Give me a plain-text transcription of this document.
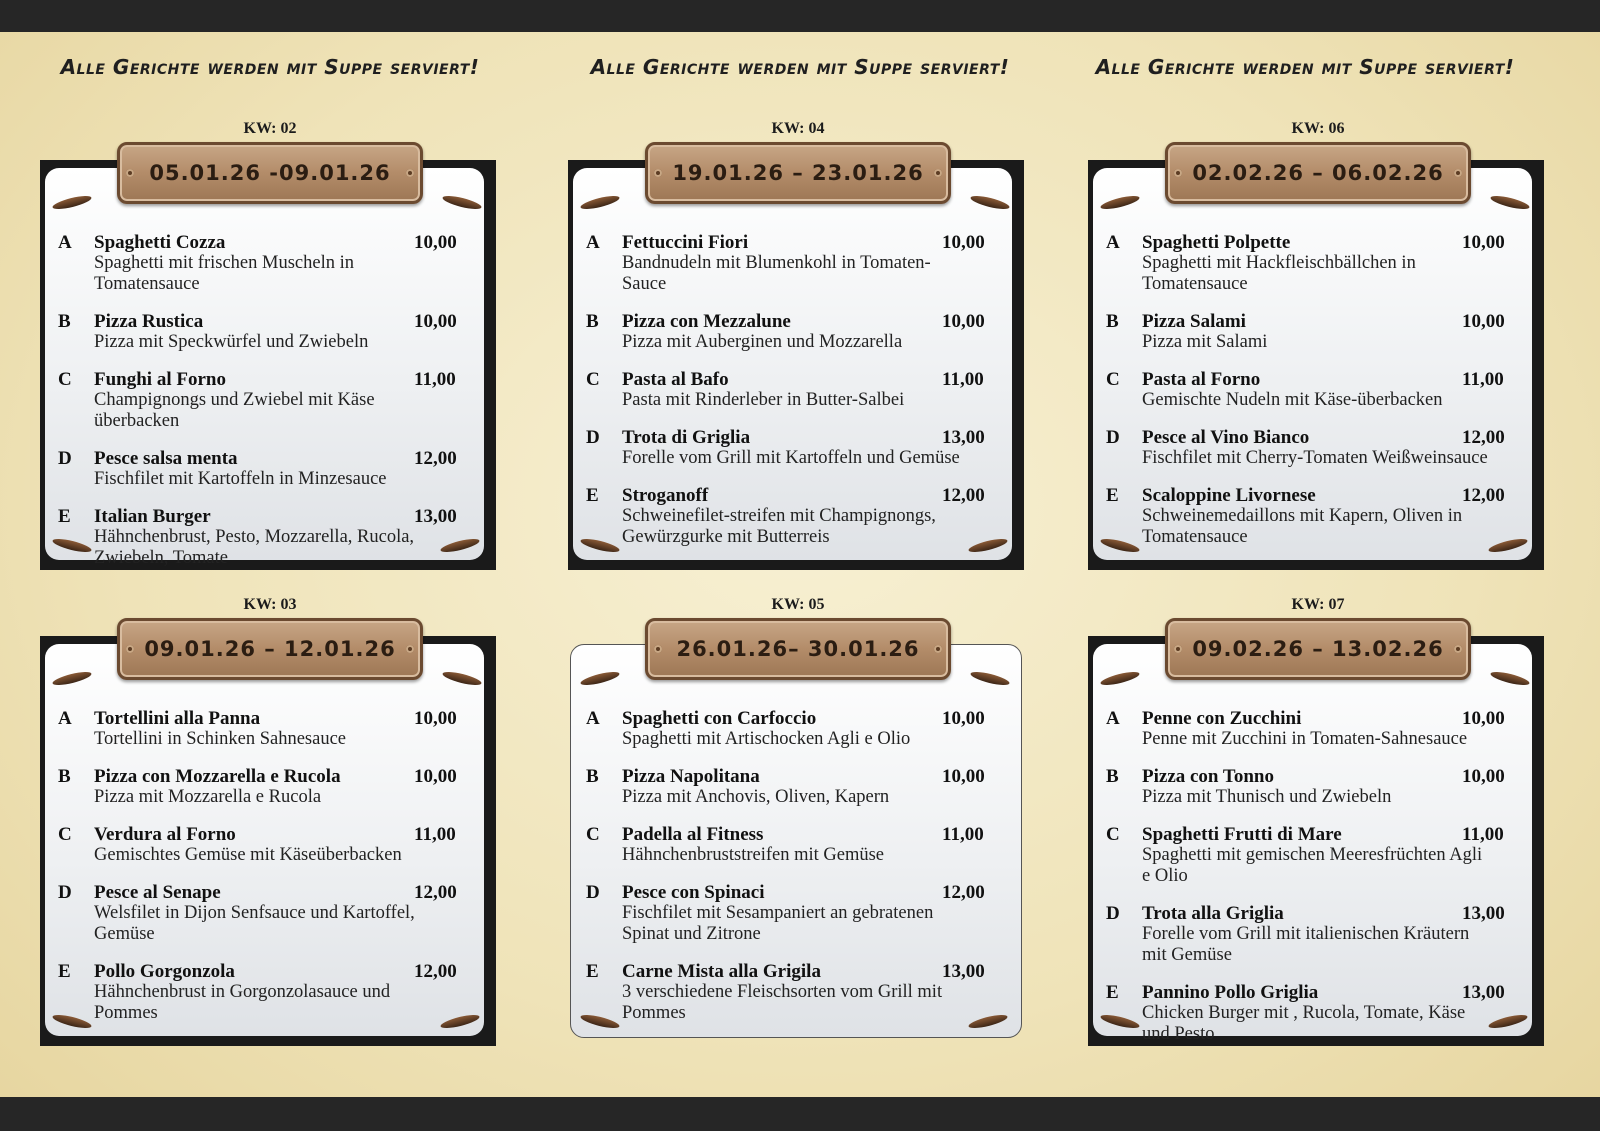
Alle Gerichte werden mit Suppe serviert!	Alle Gerichte werden mit Suppe serviert!	Alle Gerichte werden mit Suppe serviert!
KW: 02
A	Spaghetti Cozza	10,00
Spaghetti mit frischen Muscheln in Tomatensauce
B	Pizza Rustica	10,00
Pizza mit Speckwürfel und Zwiebeln
C	Funghi al Forno	11,00
Champignongs und Zwiebel mit Käse überbacken
D	Pesce salsa menta	12,00
Fischfilet mit Kartoffeln in Minzesauce
E	Italian Burger	13,00
Hähnchenbrust, Pesto, Mozzarella, Rucola, Zwiebeln, Tomate
05.01.26 -09.01.26
KW: 04
A	Fettuccini Fiori	10,00
Bandnudeln mit Blumenkohl in Tomaten-Sauce
B	Pizza con Mezzalune	10,00
Pizza mit Auberginen und Mozzarella
C	Pasta al Bafo	11,00
Pasta mit Rinderleber in Butter-Salbei
D	Trota di Griglia	13,00
Forelle vom Grill mit Kartoffeln und Gemüse
E	Stroganoff	12,00
Schweinefilet-streifen mit Champignongs, Gewürzgurke mit Butterreis
19.01.26 – 23.01.26
KW: 06
A	Spaghetti Polpette	10,00
Spaghetti mit Hackfleischbällchen in Tomatensauce
B	Pizza Salami	10,00
Pizza mit Salami
C	Pasta al Forno	11,00
Gemischte Nudeln mit Käse-überbacken
D	Pesce al Vino Bianco	12,00
Fischfilet mit Cherry-Tomaten Weißweinsauce
E	Scaloppine Livornese	12,00
Schweinemedaillons mit Kapern, Oliven in Tomatensauce
02.02.26 – 06.02.26
KW: 03
A	Tortellini alla Panna	10,00
Tortellini in Schinken Sahnesauce
B	Pizza con Mozzarella e Rucola	10,00
Pizza mit Mozzarella e Rucola
C	Verdura al Forno	11,00
Gemischtes Gemüse mit Käseüberbacken
D	Pesce al Senape	12,00
Welsfilet in Dijon Senfsauce und Kartoffel, Gemüse
E	Pollo Gorgonzola	12,00
Hähnchenbrust in Gorgonzolasauce und Pommes
09.01.26 – 12.01.26
KW: 05
A	Spaghetti con Carfoccio	10,00
Spaghetti mit Artischocken Agli e Olio
B	Pizza Napolitana	10,00
Pizza mit Anchovis, Oliven, Kapern
C	Padella al Fitness	11,00
Hähnchenbruststreifen mit Gemüse
D	Pesce con Spinaci	12,00
Fischfilet mit Sesampaniert an gebratenen Spinat und Zitrone
E	Carne Mista alla Grigila	13,00
3 verschiedene Fleischsorten vom Grill mit Pommes
26.01.26– 30.01.26
KW: 07
A	Penne con Zucchini	10,00
Penne mit Zucchini in Tomaten-Sahnesauce
B	Pizza con Tonno	10,00
Pizza mit Thunisch und Zwiebeln
C	Spaghetti Frutti di Mare	11,00
Spaghetti mit gemischen Meeresfrüchten Agli e Olio
D	Trota alla Griglia	13,00
Forelle vom Grill mit italienischen Kräutern mit Gemüse
E	Pannino Pollo Griglia	13,00
Chicken Burger mit , Rucola, Tomate, Käse und Pesto
09.02.26 – 13.02.26
